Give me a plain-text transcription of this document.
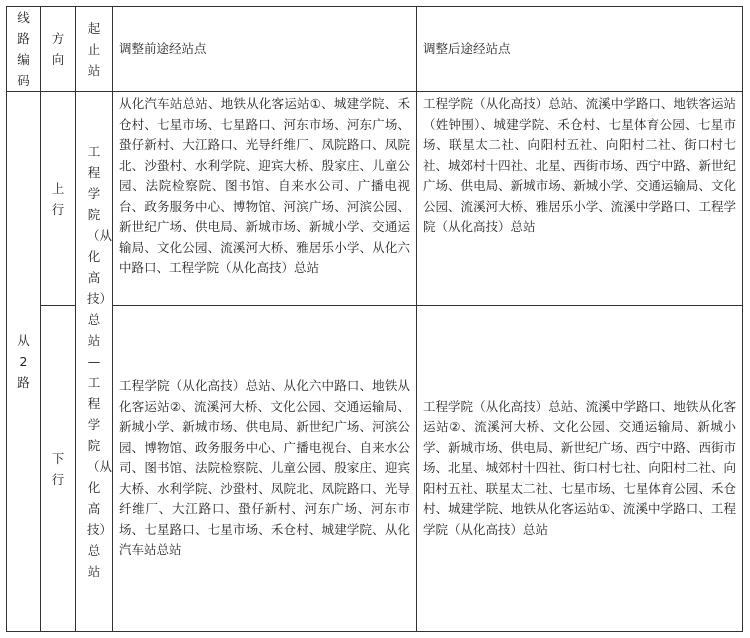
线路编码	方向	起止站	调整前途经站点	调整后途经站点

从2路	上行	工程学院（从化高技）总站—工程学院（从化高技）总站	从化汽车站总站、地铁从化客运站①、城建学院、禾仓村、七星市场、七星路口、河东市场、河东广场、蛩仔新村、大江路口、光导纤维厂、凤院路口、凤院北、沙蛩村、水利学院、迎宾大桥、殷家庄、儿童公园、法院检察院、图书馆、自来水公司、广播电视台、政务服务中心、博物馆、河滨广场、河滨公园、新世纪广场、供电局、新城市场、新城小学、交通运输局、文化公园、流溪河大桥、雅居乐小学、从化六中路口、工程学院（从化高技）总站	工程学院（从化高技）总站、流溪中学路口、地铁客运站（姓钟围）、城建学院、禾仓村、七星体育公园、七星市场、联星太二社、向阳村五社、向阳村二社、街口村七社、城郊村十四社、北星、西街市场、西宁中路、新世纪广场、供电局、新城市场、新城小学、交通运输局、文化公园、流溪河大桥、雅居乐小学、流溪中学路口、工程学院（从化高技）总站

	下行		工程学院（从化高技）总站、从化六中路口、地铁从化客运站②、流溪河大桥、文化公园、交通运输局、新城小学、新城市场、供电局、新世纪广场、河滨公园、博物馆、政务服务中心、广播电视台、自来水公司、图书馆、法院检察院、儿童公园、殷家庄、迎宾大桥、水利学院、沙蛩村、凤院北、凤院路口、光导纤维厂、大江路口、蛩仔新村、河东广场、河东市场、七星路口、七星市场、禾仓村、城建学院、从化汽车站总站	工程学院（从化高技）总站、流溪中学路口、地铁从化客运站②、流溪河大桥、文化公园、交通运输局、新城小学、新城市场、供电局、新世纪广场、西宁中路、西街市场、北星、城郊村十四社、街口村七社、向阳村二社、向阳村五社、联星太二社、七星市场、七星体育公园、禾仓村、城建学院、地铁从化客运站①、流溪中学路口、工程学院（从化高技）总站
